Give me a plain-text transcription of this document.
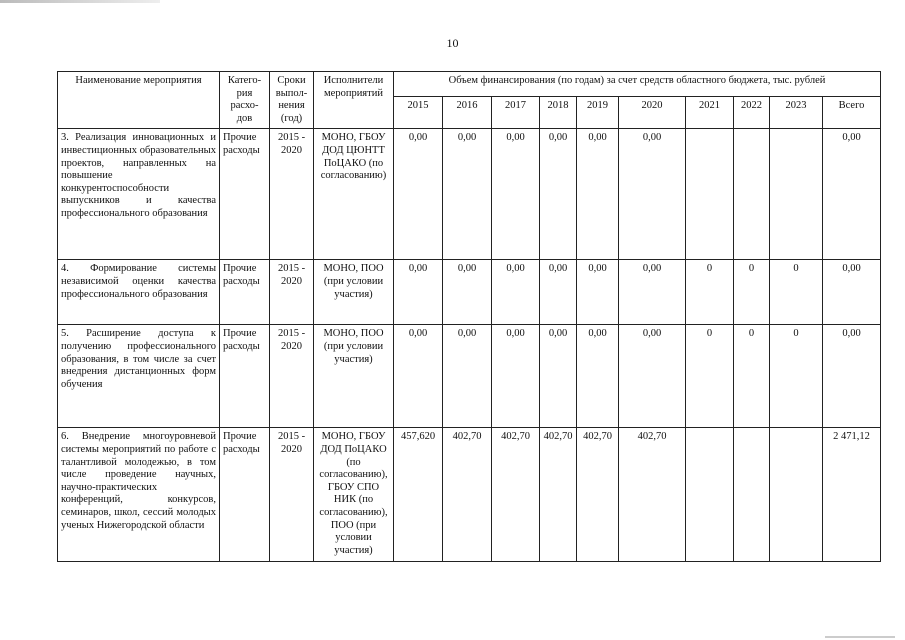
10
Наименование мероприятия	Катего-рия расхо-дов	Сроки выпол-нения (год)	Исполнители мероприятий	Объем финансирования (по годам) за счет средств областного бюджета, тыс. рублей									
				2015	2016	2017	2018	2019	2020	2021	2022	2023	Всего
3. Реализация инновационных и инвестиционных образовательных проектов, направленных на повышение конкурентоспособности выпускников и качества профессионального образования	Прочие расходы	2015 - 2020	МОНО, ГБОУ ДОД ЦЮНТТ ПоЦАКО (по согласованию)	0,00	0,00	0,00	0,00	0,00	0,00				0,00
4. Формирование системы независимой оценки качества профессионального образования	Прочие расходы	2015 - 2020	МОНО, ПОО (при условии участия)	0,00	0,00	0,00	0,00	0,00	0,00	0	0	0	0,00
5. Расширение доступа к получению профессионального образования, в том числе за счет внедрения дистанционных форм обучения	Прочие расходы	2015 - 2020	МОНО, ПОО (при условии участия)	0,00	0,00	0,00	0,00	0,00	0,00	0	0	0	0,00
6. Внедрение многоуровневой системы мероприятий по работе с талантливой молодежью, в том числе проведение научных, научно-практических конференций, конкурсов, семинаров, школ, сессий молодых ученых Нижегородской области	Прочие расходы	2015 - 2020	МОНО, ГБОУ ДОД ПоЦАКО (по согласованию), ГБОУ СПО НИК (по согласованию), ПОО (при условии участия)	457,620	402,70	402,70	402,70	402,70	402,70				2 471,12
